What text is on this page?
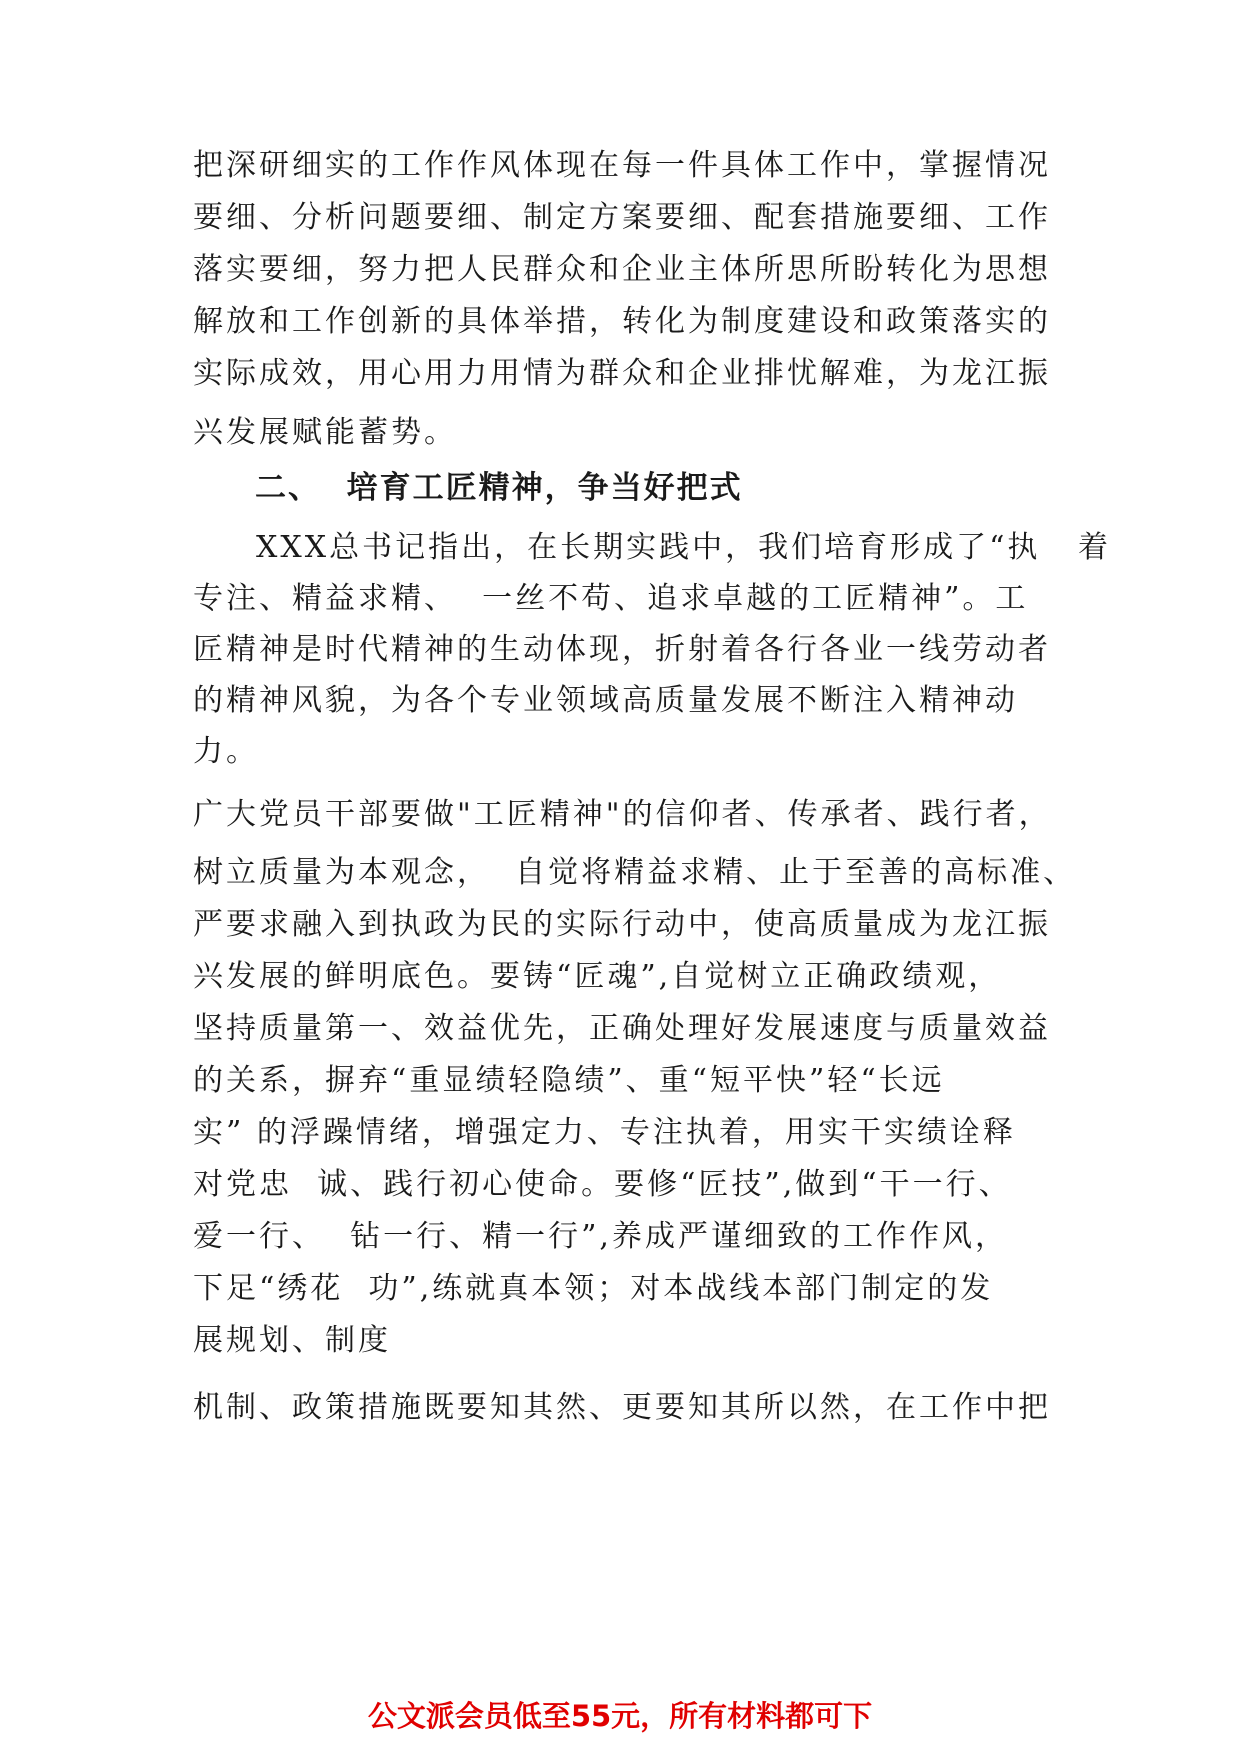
把深研细实的工作作风体现在每一件具体工作中，掌握情况
要细、分析问题要细、制定方案要细、配套措施要细、工作
落实要细，努力把人民群众和企业主体所思所盼转化为思想
解放和工作创新的具体举措，转化为制度建设和政策落实的
实际成效，用心用力用情为群众和企业排忧解难，为龙江振
兴发展赋能蓄势。
二、  培育工匠精神，争当好把式
XXX总书记指出，在长期实践中，我们培育形成了“执   着
专注、精益求精、  一丝不苟、追求卓越的工匠精神”。工
匠精神是时代精神的生动体现，折射着各行各业一线劳动者
的精神风貌，为各个专业领域高质量发展不断注入精神动
力。
广大党员干部要做"工匠精神"的信仰者、传承者、践行者，
树立质量为本观念，  自觉将精益求精、止于至善的高标准、
严要求融入到执政为民的实际行动中，使高质量成为龙江振
兴发展的鲜明底色。要铸“匠魂”,自觉树立正确政绩观，
坚持质量第一、效益优先，正确处理好发展速度与质量效益
的关系，摒弃“重显绩轻隐绩”、重“短平快”轻“长远
实” 的浮躁情绪，增强定力、专注执着，用实干实绩诠释
对党忠  诚、践行初心使命。要修“匠技”,做到“干一行、
爱一行、  钻一行、精一行”,养成严谨细致的工作作风，
下足“绣花  功”,练就真本领；对本战线本部门制定的发
展规划、制度
机制、政策措施既要知其然、更要知其所以然，在工作中把
公文派会员低至55元，所有材料都可下
